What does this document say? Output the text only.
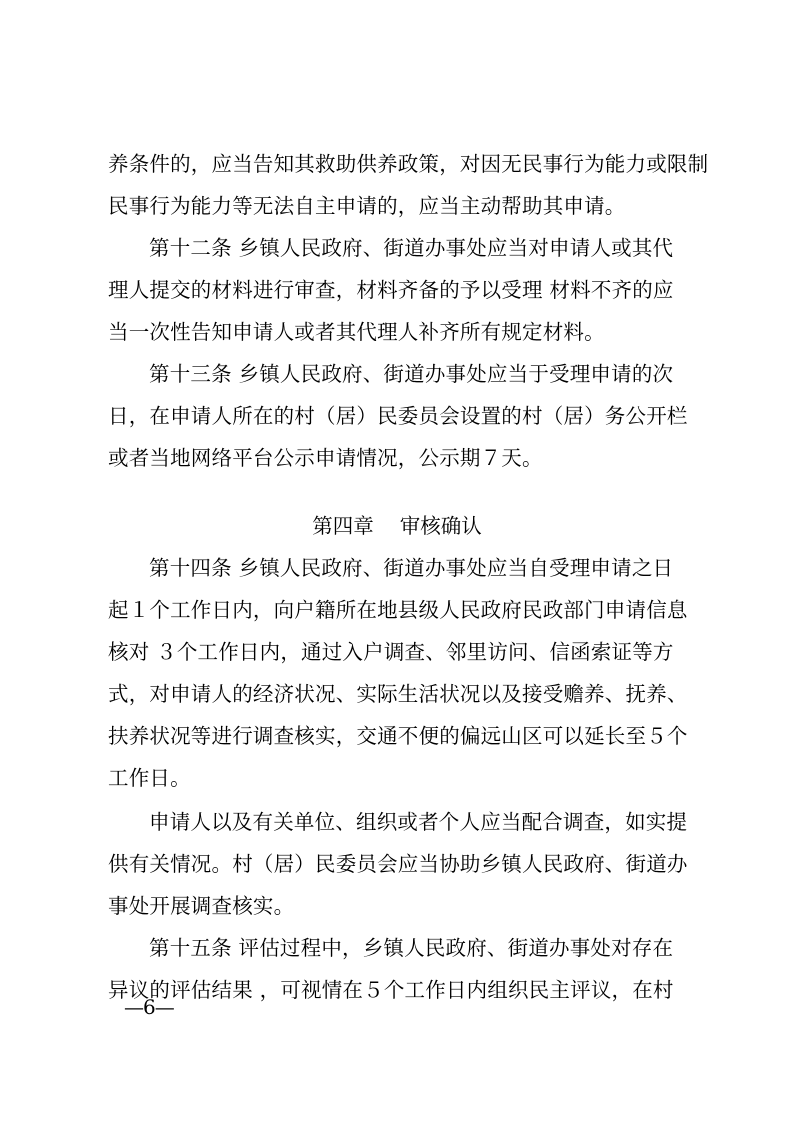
养条件的，应当告知其救助供养政策，对因无民事行为能力或限制
民事行为能力等无法自主申请的，应当主动帮助其申请。
第十二条 乡镇人民政府、街道办事处应当对申请人或其代
理人提交的材料进行审查，材料齐备的予以受理 材料不齐的应
当一次性告知申请人或者其代理人补齐所有规定材料。
第十三条 乡镇人民政府、街道办事处应当于受理申请的次
日，在申请人所在的村（居）民委员会设置的村（居）务公开栏
或者当地网络平台公示申请情况，公示期７天。
第四章    审核确认
第十四条 乡镇人民政府、街道办事处应当自受理申请之日
起１个工作日内，向户籍所在地县级人民政府民政部门申请信息
核对 ３个工作日内，通过入户调查、邻里访问、信函索证等方
式，对申请人的经济状况、实际生活状况以及接受赡养、抚养、
扶养状况等进行调查核实，交通不便的偏远山区可以延长至５个
工作日。
申请人以及有关单位、组织或者个人应当配合调查，如实提
供有关情况。村（居）民委员会应当协助乡镇人民政府、街道办
事处开展调查核实。
第十五条 评估过程中，乡镇人民政府、街道办事处对存在
异议的评估结果 ，可视情在５个工作日内组织民主评议，在村
—6—
